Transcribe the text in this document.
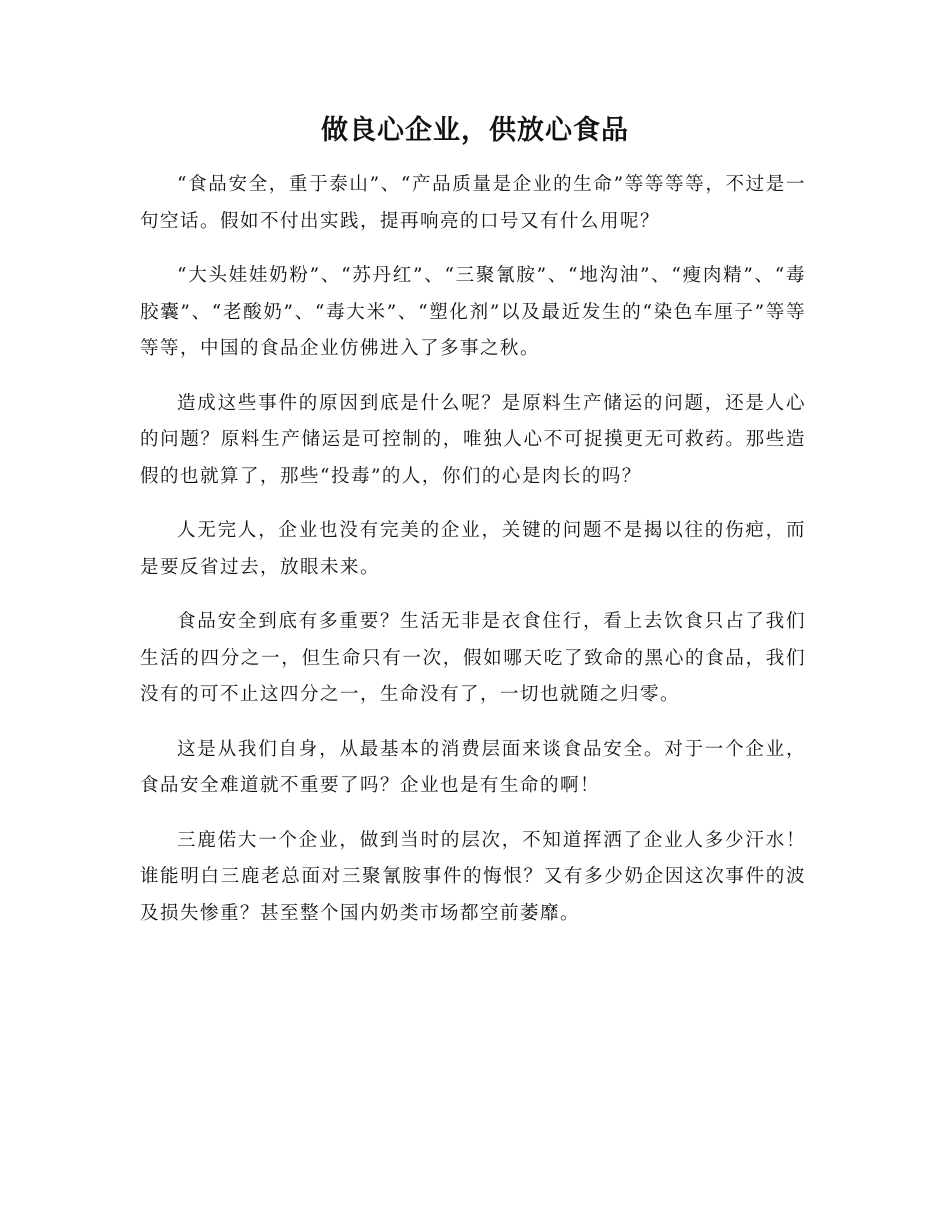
做良心企业，供放心食品

“食品安全，重于泰山”、“产品质量是企业的生命”等等等等，不过是一句空话。假如不付出实践，提再响亮的口号又有什么用呢？

“大头娃娃奶粉”、“苏丹红”、“三聚氰胺”、“地沟油”、“瘦肉精”、“毒胶囊”、“老酸奶”、“毒大米”、“塑化剂”以及最近发生的“染色车厘子”等等等等，中国的食品企业仿佛进入了多事之秋。

造成这些事件的原因到底是什么呢？是原料生产储运的问题，还是人心的问题？原料生产储运是可控制的，唯独人心不可捉摸更无可救药。那些造假的也就算了，那些“投毒”的人，你们的心是肉长的吗？

人无完人，企业也没有完美的企业，关键的问题不是揭以往的伤疤，而是要反省过去，放眼未来。

食品安全到底有多重要？生活无非是衣食住行，看上去饮食只占了我们生活的四分之一，但生命只有一次，假如哪天吃了致命的黑心的食品，我们没有的可不止这四分之一，生命没有了，一切也就随之归零。

这是从我们自身，从最基本的消费层面来谈食品安全。对于一个企业，食品安全难道就不重要了吗？企业也是有生命的啊！

三鹿偌大一个企业，做到当时的层次，不知道挥洒了企业人多少汗水！谁能明白三鹿老总面对三聚氰胺事件的悔恨？又有多少奶企因这次事件的波及损失惨重？甚至整个国内奶类市场都空前萎靡。
